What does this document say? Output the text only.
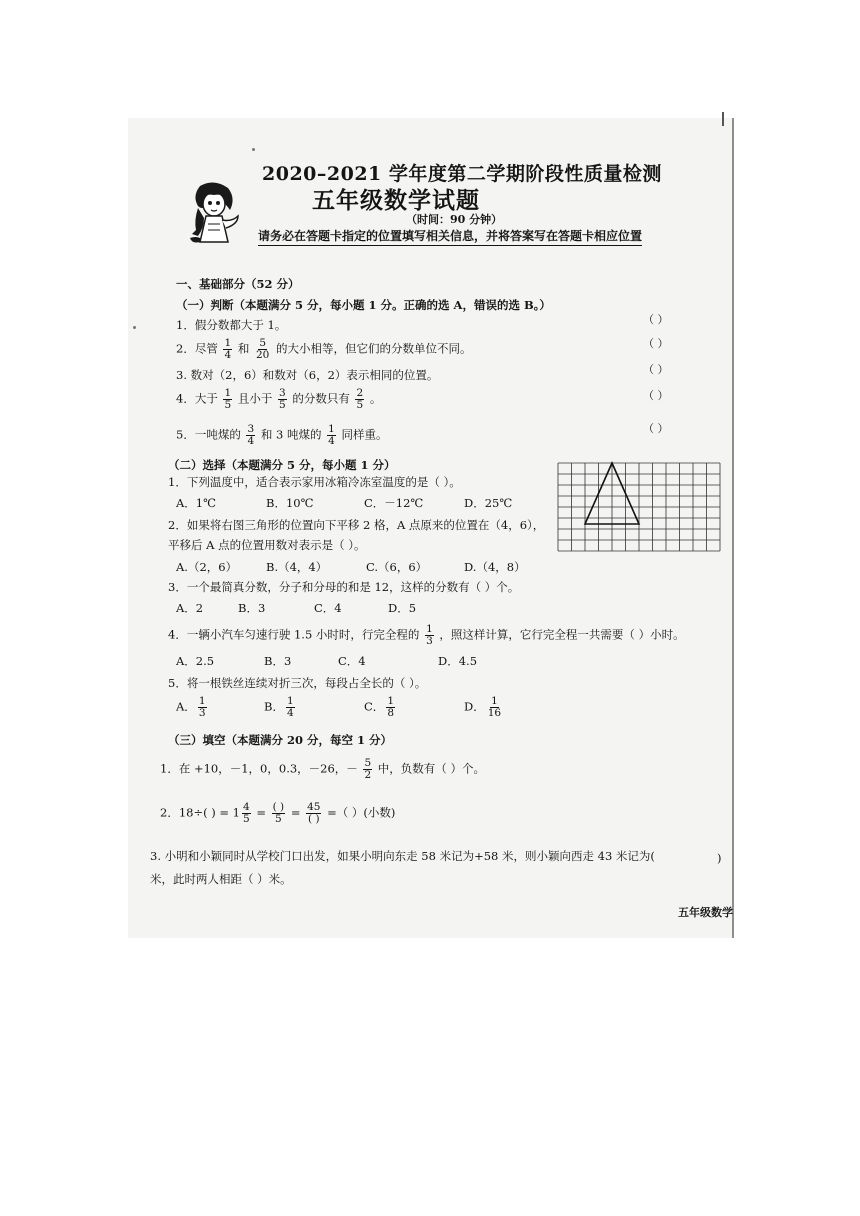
2020–2021 学年度第二学期阶段性质量检测
五年级数学试题
（时间：90 分钟）
请务必在答题卡指定的位置填写相关信息，并将答案写在答题卡相应位置
一、基础部分（52 分）
（一）判断（本题满分 5 分，每小题 1 分。正确的选 A，错误的选 B。）
1．假分数都大于 1。	（ ）
2．尽管 $\frac{1}{4}$ 和 $\frac{5}{20}$ 的大小相等，但它们的分数单位不同。	（ ）
3. 数对（2，6）和数对（6，2）表示相同的位置。	（ ）
4．大于 $\frac{1}{5}$ 且小于 $\frac{3}{5}$ 的分数只有 $\frac{2}{5}$ 。	（ ）
5．一吨煤的 $\frac{3}{4}$ 和 3 吨煤的 $\frac{1}{4}$ 同样重。	（ ）
（二）选择（本题满分 5 分，每小题 1 分）
1．下列温度中，适合表示家用冰箱冷冻室温度的是（ ）。
A．1℃	B．10℃	C．－12℃	D．25℃
2．如果将右图三角形的位置向下平移 2 格，A 点原来的位置在（4，6），
平移后 A 点的位置用数对表示是（ ）。
A.（2，6）	B.（4，4）	C.（6，6）	D.（4，8）
3．一个最简真分数，分子和分母的和是 12，这样的分数有（ ）个。
A．2	B．3	C．4	D．5
4．一辆小汽车匀速行驶 1.5 小时时，行完全程的 $\frac{1}{3}$ ，照这样计算，它行完全程一共需要（ ）小时。
A．2.5	B．3	C．4	D．4.5
5．将一根铁丝连续对折三次，每段占全长的（ ）。
A． $\frac{1}{3}$	B． $\frac{1}{4}$	C． $\frac{1}{8}$	D． $\frac{1}{16}$
（三）填空（本题满分 20 分，每空 1 分）
1．在 +10，－1，0，0.3，－26，－ $\frac{5}{2}$ 中，负数有（ ）个。
2．18÷( ) = $1 \frac{4}{5} = \frac{( )}{5} = \frac{45}{( )}$ =（ ）(小数)
3. 小明和小颖同时从学校门口出发，如果小明向东走 58 米记为+58 米，则小颖向西走 43 米记为(	)
米，此时两人相距（ ）米。
五年级数学
